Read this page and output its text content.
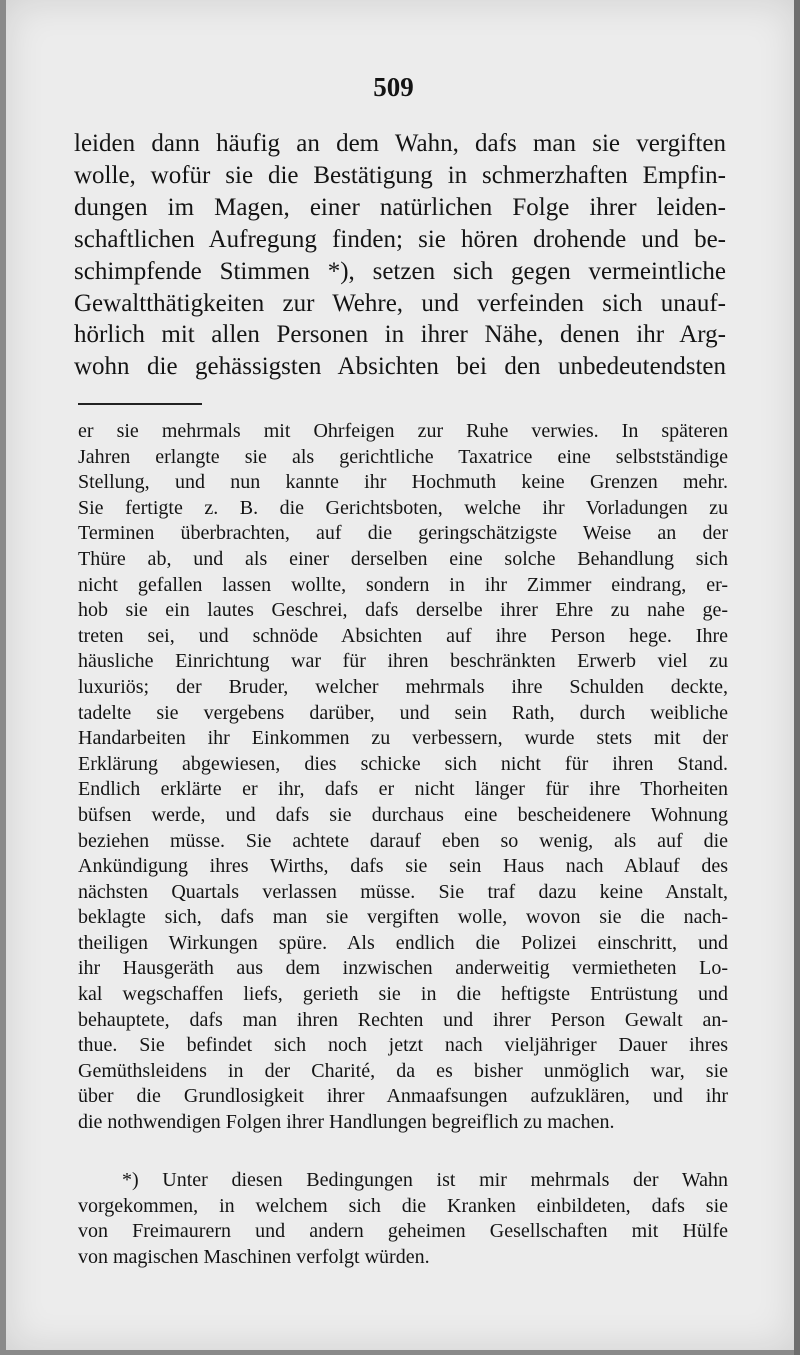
509
leiden dann häufig an dem Wahn, dafs man sie vergiften
wolle, wofür sie die Bestätigung in schmerzhaften Empfin-
dungen im Magen, einer natürlichen Folge ihrer leiden-
schaftlichen Aufregung finden; sie hören drohende und be-
schimpfende Stimmen *), setzen sich gegen vermeintliche
Gewaltthätigkeiten zur Wehre, und verfeinden sich unauf-
hörlich mit allen Personen in ihrer Nähe, denen ihr Arg-
wohn die gehässigsten Absichten bei den unbedeutendsten
er sie mehrmals mit Ohrfeigen zur Ruhe verwies. In späteren
Jahren erlangte sie als gerichtliche Taxatrice eine selbstständige
Stellung, und nun kannte ihr Hochmuth keine Grenzen mehr.
Sie fertigte z. B. die Gerichtsboten, welche ihr Vorladungen zu
Terminen überbrachten, auf die geringschätzigste Weise an der
Thüre ab, und als einer derselben eine solche Behandlung sich
nicht gefallen lassen wollte, sondern in ihr Zimmer eindrang, er-
hob sie ein lautes Geschrei, dafs derselbe ihrer Ehre zu nahe ge-
treten sei, und schnöde Absichten auf ihre Person hege. Ihre
häusliche Einrichtung war für ihren beschränkten Erwerb viel zu
luxuriös; der Bruder, welcher mehrmals ihre Schulden deckte,
tadelte sie vergebens darüber, und sein Rath, durch weibliche
Handarbeiten ihr Einkommen zu verbessern, wurde stets mit der
Erklärung abgewiesen, dies schicke sich nicht für ihren Stand.
Endlich erklärte er ihr, dafs er nicht länger für ihre Thorheiten
büfsen werde, und dafs sie durchaus eine bescheidenere Wohnung
beziehen müsse. Sie achtete darauf eben so wenig, als auf die
Ankündigung ihres Wirths, dafs sie sein Haus nach Ablauf des
nächsten Quartals verlassen müsse. Sie traf dazu keine Anstalt,
beklagte sich, dafs man sie vergiften wolle, wovon sie die nach-
theiligen Wirkungen spüre. Als endlich die Polizei einschritt, und
ihr Hausgeräth aus dem inzwischen anderweitig vermietheten Lo-
kal wegschaffen liefs, gerieth sie in die heftigste Entrüstung und
behauptete, dafs man ihren Rechten und ihrer Person Gewalt an-
thue. Sie befindet sich noch jetzt nach vieljähriger Dauer ihres
Gemüthsleidens in der Charité, da es bisher unmöglich war, sie
über die Grundlosigkeit ihrer Anmaafsungen aufzuklären, und ihr
die nothwendigen Folgen ihrer Handlungen begreiflich zu machen.
*) Unter diesen Bedingungen ist mir mehrmals der Wahn
vorgekommen, in welchem sich die Kranken einbildeten, dafs sie
von Freimaurern und andern geheimen Gesellschaften mit Hülfe
von magischen Maschinen verfolgt würden.
